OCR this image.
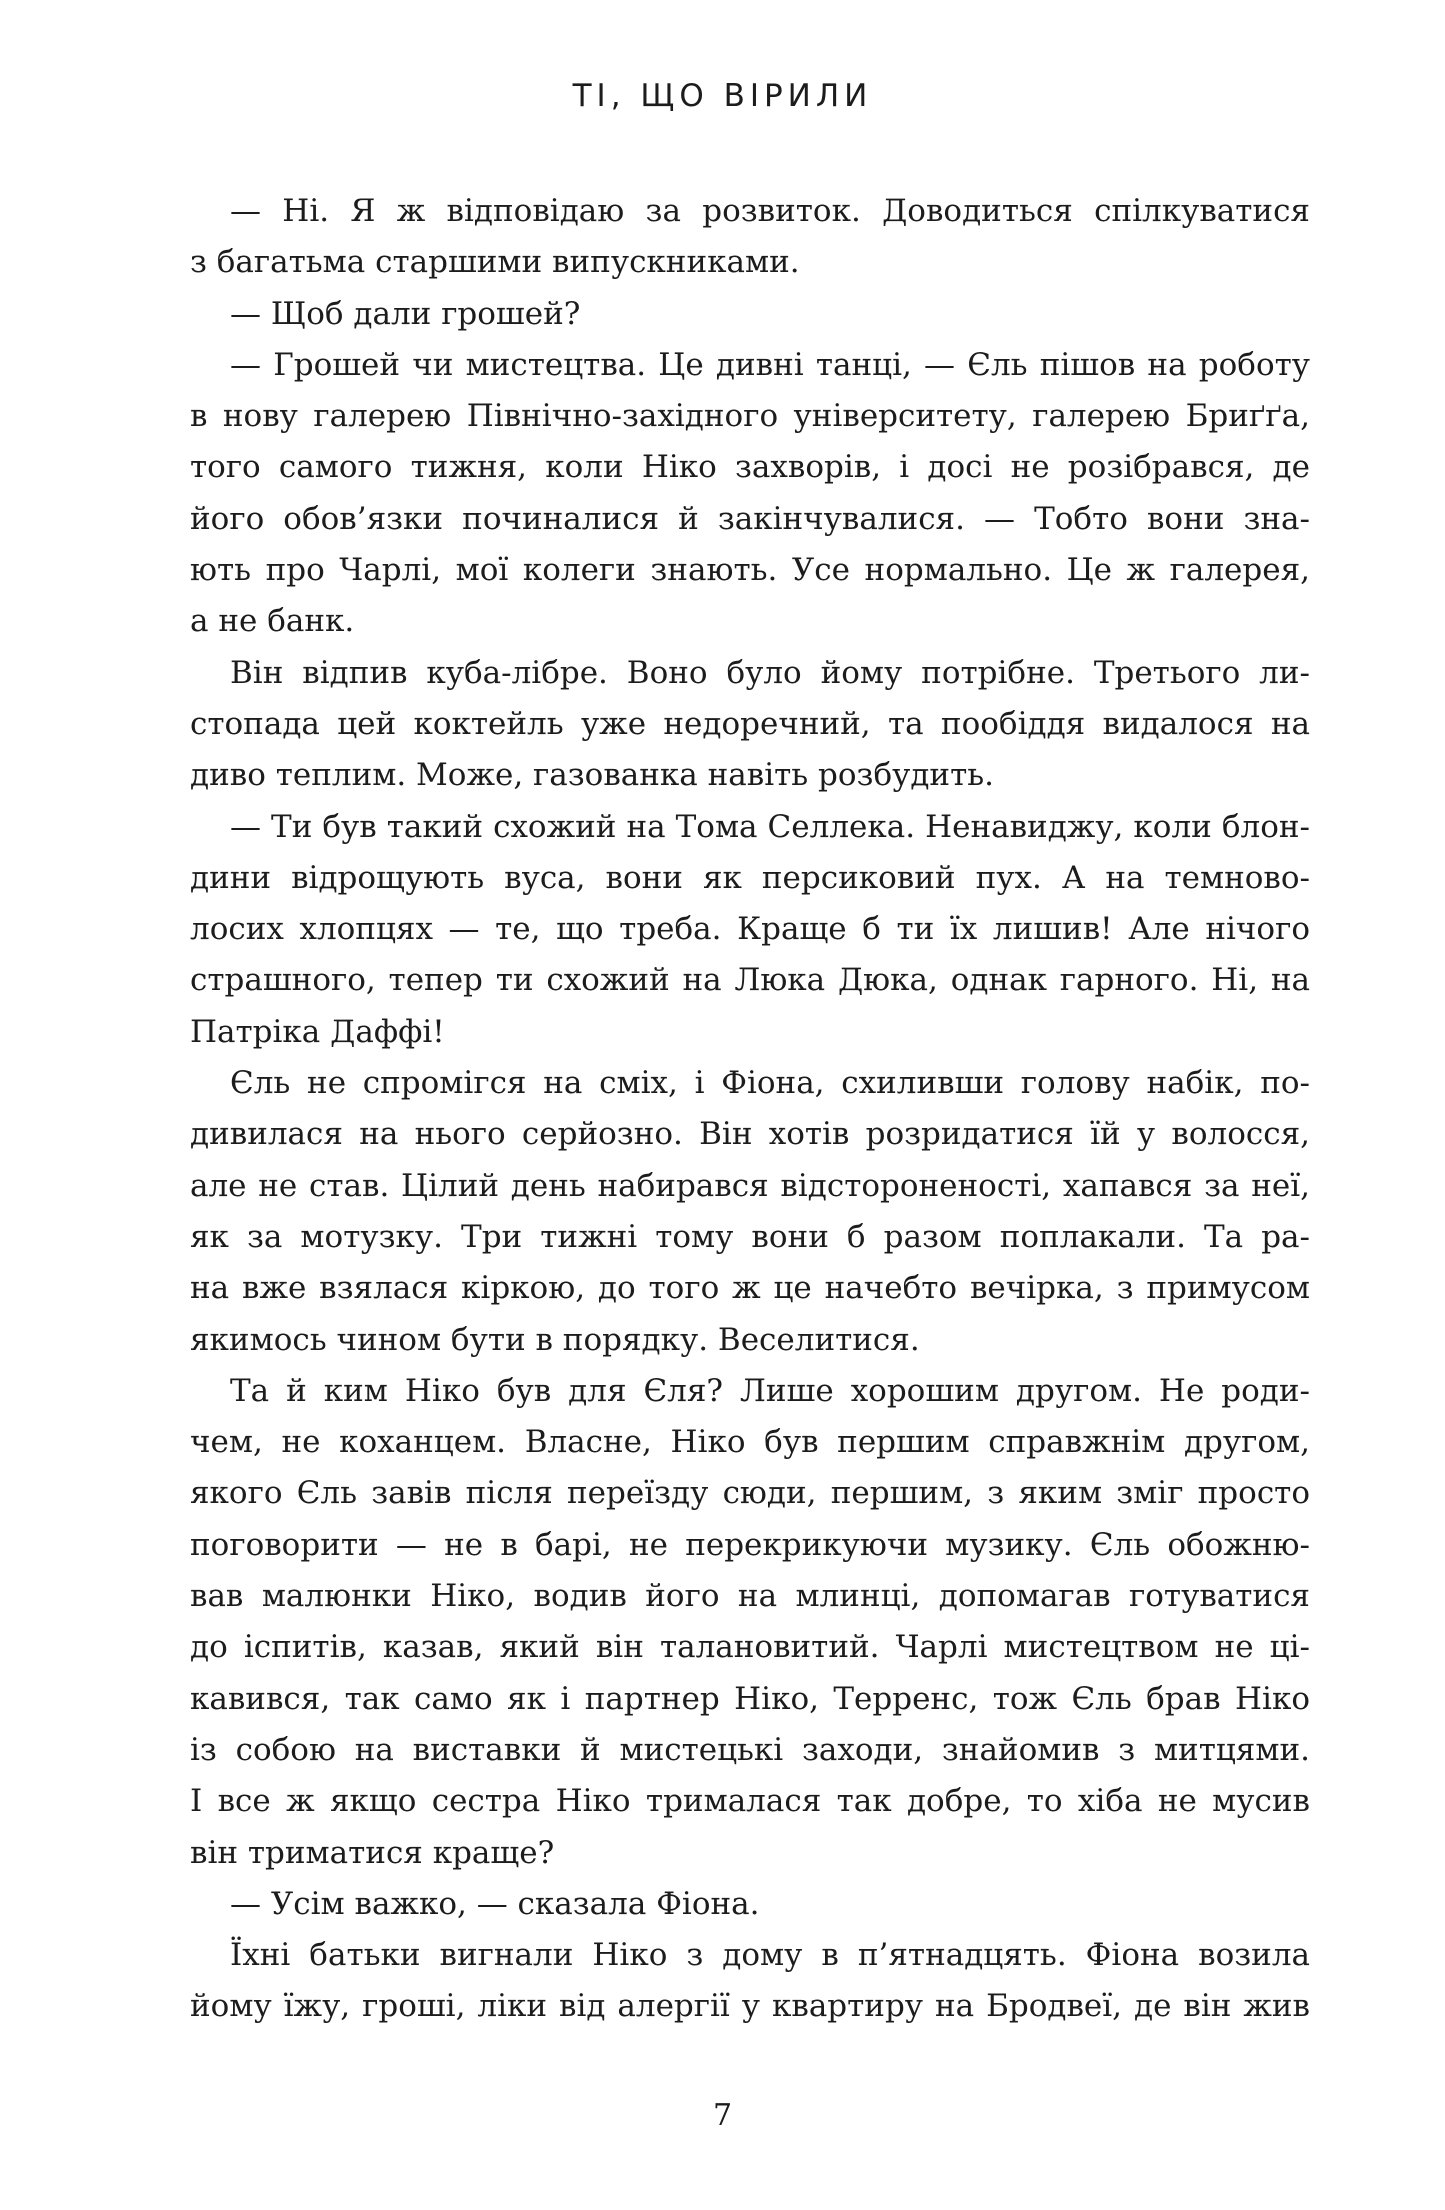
ТІ, ЩО ВІРИЛИ
— Ні. Я ж відповідаю за розвиток. Доводиться спілкуватися
з багатьма старшими випускниками.
— Щоб дали грошей?
— Грошей чи мистецтва. Це дивні танці, — Єль пішов на роботу
в нову галерею Північно-західного університету, галерею Бриґґа,
того самого тижня, коли Ніко захворів, і досі не розібрався, де
його обов’язки починалися й закінчувалися. — Тобто вони зна-
ють про Чарлі, мої колеги знають. Усе нормально. Це ж галерея,
а не банк.
Він відпив куба-лібре. Воно було йому потрібне. Третього ли-
стопада цей коктейль уже недоречний, та пообіддя видалося на
диво теплим. Може, газованка навіть розбудить.
— Ти був такий схожий на Тома Селлека. Ненавиджу, коли блон-
дини відрощують вуса, вони як персиковий пух. А на темново-
лосих хлопцях — те, що треба. Краще б ти їх лишив! Але нічого
страшного, тепер ти схожий на Люка Дюка, однак гарного. Ні, на
Патріка Даффі!
Єль не спромігся на сміх, і Фіона, схиливши голову набік, по-
дивилася на нього серйозно. Він хотів розридатися їй у волосся,
але не став. Цілий день набирався відстороненості, хапався за неї,
як за мотузку. Три тижні тому вони б разом поплакали. Та ра-
на вже взялася кіркою, до того ж це начебто вечірка, з примусом
якимось чином бути в порядку. Веселитися.
Та й ким Ніко був для Єля? Лише хорошим другом. Не роди-
чем, не коханцем. Власне, Ніко був першим справжнім другом,
якого Єль завів після переїзду сюди, першим, з яким зміг просто
поговорити — не в барі, не перекрикуючи музику. Єль обожню-
вав малюнки Ніко, водив його на млинці, допомагав готуватися
до іспитів, казав, який він талановитий. Чарлі мистецтвом не ці-
кавився, так само як і партнер Ніко, Терренс, тож Єль брав Ніко
із собою на виставки й мистецькі заходи, знайомив з митцями.
І все ж якщо сестра Ніко трималася так добре, то хіба не мусив
він триматися краще?
— Усім важко, — сказала Фіона.
Їхні батьки вигнали Ніко з дому в п’ятнадцять. Фіона возила
йому їжу, гроші, ліки від алергії у квартиру на Бродвеї, де він жив
7
